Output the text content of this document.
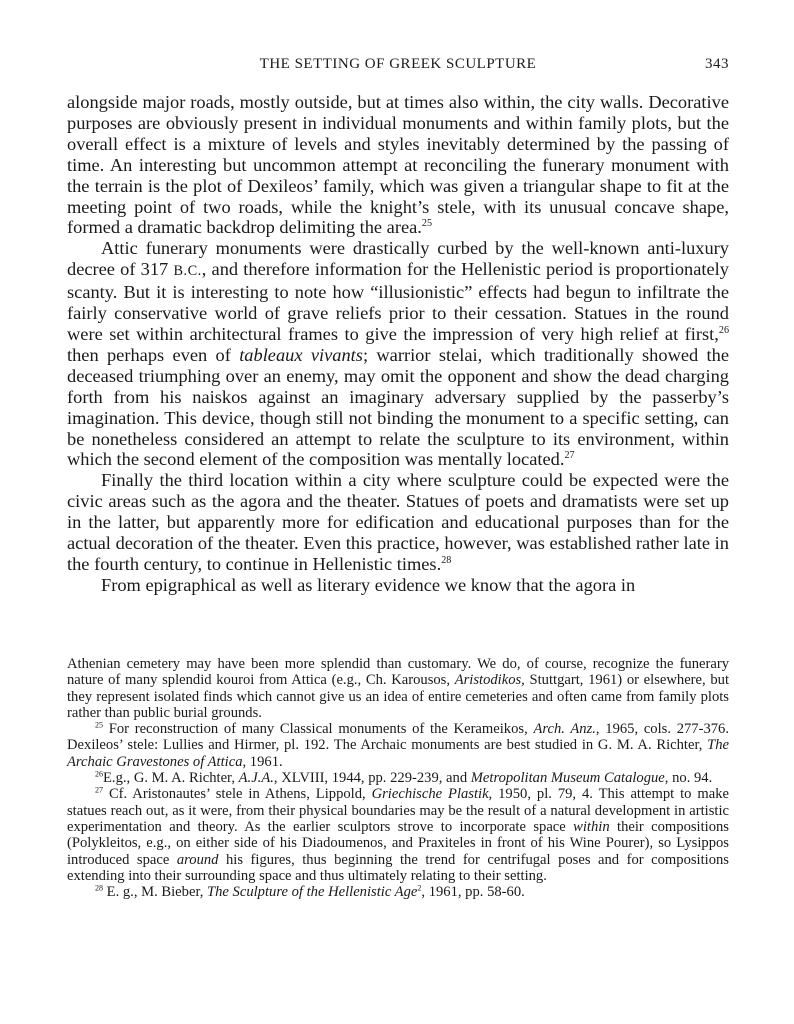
THE SETTING OF GREEK SCULPTURE	343

alongside major roads, mostly outside, but at times also within, the city walls. Decorative purposes are obviously present in individual monuments and within family plots, but the overall effect is a mixture of levels and styles inevitably determined by the passing of time. An interesting but uncommon attempt at reconciling the funerary monument with the terrain is the plot of Dexileos’ family, which was given a triangular shape to fit at the meeting point of two roads, while the knight’s stele, with its unusual concave shape, formed a dramatic backdrop delimiting the area.$^{25}$

Attic funerary monuments were drastically curbed by the well-known anti-luxury decree of 317 B.C., and therefore information for the Hellenistic period is proportionately scanty. But it is interesting to note how “illusionistic” effects had begun to infiltrate the fairly conservative world of grave reliefs prior to their cessation. Statues in the round were set within architectural frames to give the impression of very high relief at first,$^{26}$ then perhaps even of tableaux vivants; warrior stelai, which traditionally showed the deceased triumphing over an enemy, may omit the opponent and show the dead charging forth from his naiskos against an imaginary adversary supplied by the passerby’s imagination. This device, though still not binding the monument to a specific setting, can be nonetheless considered an attempt to relate the sculpture to its environment, within which the second element of the composition was mentally located.$^{27}$

Finally the third location within a city where sculpture could be expected were the civic areas such as the agora and the theater. Statues of poets and dramatists were set up in the latter, but apparently more for edification and educational purposes than for the actual decoration of the theater. Even this practice, however, was established rather late in the fourth century, to continue in Hellenistic times.$^{28}$

From epigraphical as well as literary evidence we know that the agora in

Athenian cemetery may have been more splendid than customary. We do, of course, recognize the funerary nature of many splendid kouroi from Attica (e.g., Ch. Karousos, Aristodikos, Stuttgart, 1961) or elsewhere, but they represent isolated finds which cannot give us an idea of entire cemeteries and often came from family plots rather than public burial grounds.

$^{25}$ For reconstruction of many Classical monuments of the Kerameikos, Arch. Anz., 1965, cols. 277-376. Dexileos’ stele: Lullies and Hirmer, pl. 192. The Archaic monuments are best studied in G. M. A. Richter, The Archaic Gravestones of Attica, 1961.

$^{26}$E.g., G. M. A. Richter, A.J.A., XLVIII, 1944, pp. 229-239, and Metropolitan Museum Catalogue, no. 94.

$^{27}$ Cf. Aristonautes’ stele in Athens, Lippold, Griechische Plastik, 1950, pl. 79, 4. This attempt to make statues reach out, as it were, from their physical boundaries may be the result of a natural development in artistic experimentation and theory. As the earlier sculptors strove to incorporate space within their compositions (Polykleitos, e.g., on either side of his Diadoumenos, and Praxiteles in front of his Wine Pourer), so Lysippos introduced space around his figures, thus beginning the trend for centrifugal poses and for compositions extending into their surrounding space and thus ultimately relating to their setting.

$^{28}$ E. g., M. Bieber, The Sculpture of the Hellenistic Age$^2$, 1961, pp. 58-60.
